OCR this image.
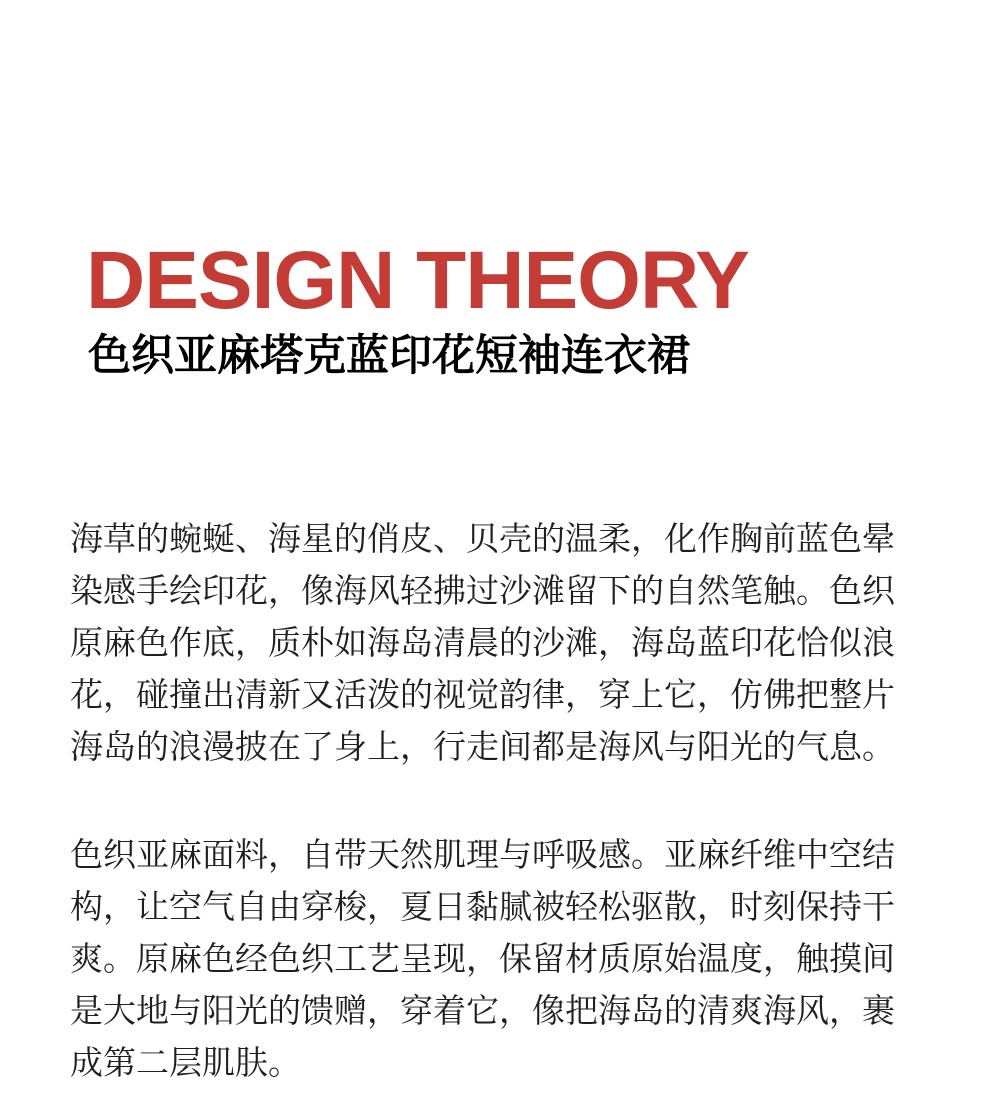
DESIGN THEORY
色织亚麻塔克蓝印花短袖连衣裙

海草的蜿蜒、海星的俏皮、贝壳的温柔，化作胸前蓝色晕

染感手绘印花，像海风轻拂过沙滩留下的自然笔触。色织

原麻色作底，质朴如海岛清晨的沙滩，海岛蓝印花恰似浪

花，碰撞出清新又活泼的视觉韵律，穿上它，仿佛把整片

海岛的浪漫披在了身上，行走间都是海风与阳光的气息。

色织亚麻面料，自带天然肌理与呼吸感。亚麻纤维中空结

构，让空气自由穿梭，夏日黏腻被轻松驱散，时刻保持干

爽。原麻色经色织工艺呈现，保留材质原始温度，触摸间

是大地与阳光的馈赠，穿着它，像把海岛的清爽海风，裹

成第二层肌肤。
